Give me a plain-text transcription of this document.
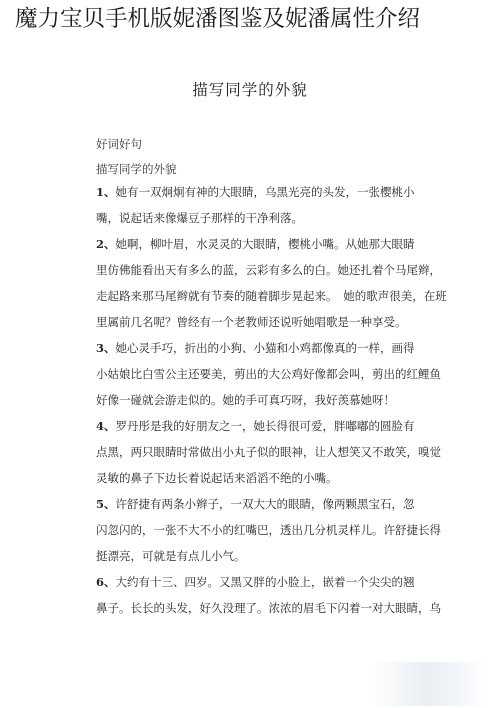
魔力宝贝手机版妮潘图鉴及妮潘属性介绍
描写同学的外貌
好词好句
描写同学的外貌
1、她有一双炯炯有神的大眼睛，乌黑光亮的头发，一张樱桃小
嘴，说起话来像爆豆子那样的干净利落。
2、她啊，柳叶眉，水灵灵的大眼睛，樱桃小嘴。从她那大眼睛
里仿佛能看出天有多么的蓝，云彩有多么的白。她还扎着个马尾辫，
走起路来那马尾辫就有节奏的随着脚步晃起来。　她的歌声很美，在班
里属前几名呢？曾经有一个老教师还说听她唱歌是一种享受。
3、她心灵手巧，折出的小狗、小猫和小鸡都像真的一样，画得
小姑娘比白雪公主还要美，剪出的大公鸡好像都会叫，剪出的红鲤鱼
好像一碰就会游走似的。她的手可真巧呀，我好羡慕她呀！
4、罗丹彤是我的好朋友之一，她长得很可爱，胖嘟嘟的圆脸有
点黑，两只眼睛时常做出小丸子似的眼神，让人想笑又不敢笑，嗅觉
灵敏的鼻子下边长着说起话来滔滔不绝的小嘴。
5、许舒捷有两条小辫子，一双大大的眼睛，像两颗黑宝石，忽
闪忽闪的，一张不大不小的红嘴巴，透出几分机灵样儿。许舒捷长得
挺漂亮，可就是有点儿小气。
6、大约有十三、四岁。又黑又胖的小脸上，嵌着一个尖尖的翘
鼻子。长长的头发，好久没理了。浓浓的眉毛下闪着一对大眼睛，乌
